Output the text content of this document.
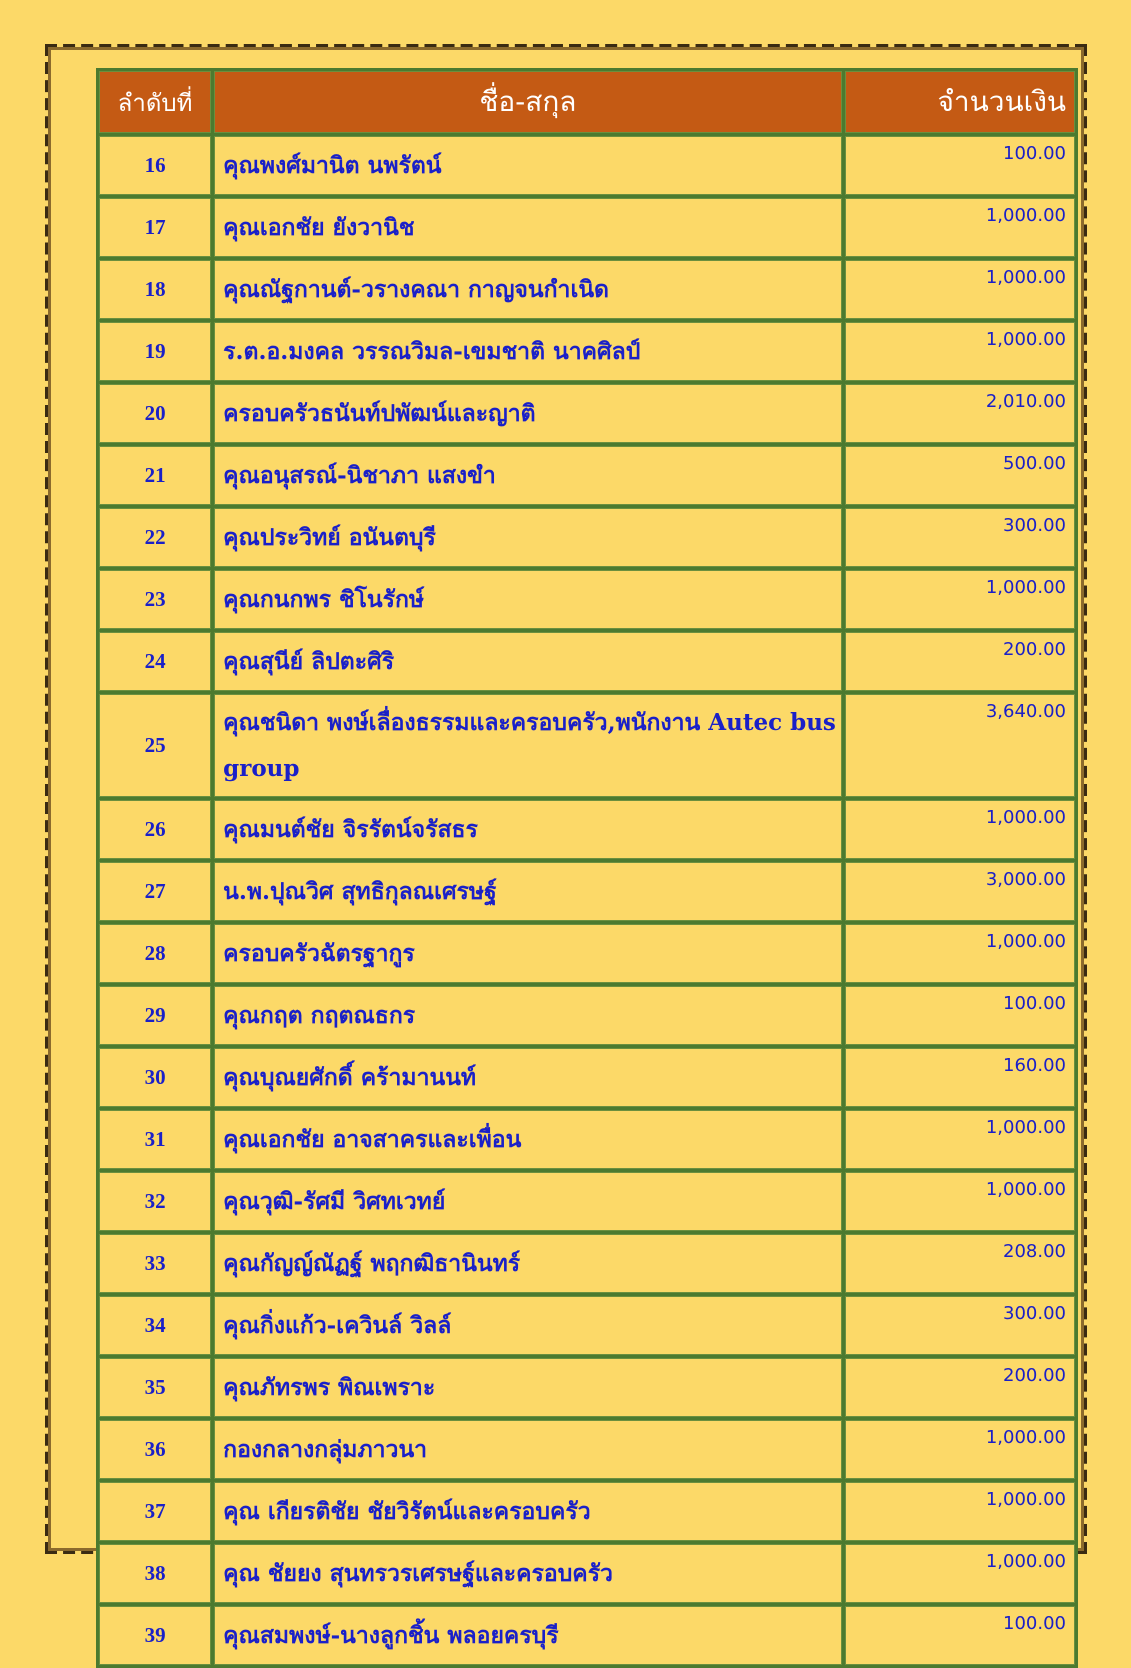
ลำดับที่	ชื่อ-สกุล	จำนวนเงิน
16	คุณพงศ์มานิต นพรัตน์	100.00
17	คุณเอกชัย ยังวานิช	1,000.00
18	คุณณัฐกานต์-วรางคณา กาญจนกำเนิด	1,000.00
19	ร.ต.อ.มงคล วรรณวิมล-เขมชาติ นาคศิลป์	1,000.00
20	ครอบครัวธนันท์ปพัฒน์และญาติ	2,010.00
21	คุณอนุสรณ์-นิชาภา แสงขำ	500.00
22	คุณประวิทย์ อนันตบุรี	300.00
23	คุณกนกพร ชิโนรักษ์	1,000.00
24	คุณสุนีย์ ลิปตะศิริ	200.00
25	คุณชนิดา พงษ์เลื่องธรรมและครอบครัว,พนักงาน Autec bus group	3,640.00
26	คุณมนต์ชัย จิรรัตน์จรัสธร	1,000.00
27	น.พ.ปุณวิศ สุทธิกุลณเศรษฐ์	3,000.00
28	ครอบครัวฉัตรฐากูร	1,000.00
29	คุณกฤต กฤตณธกร	100.00
30	คุณบุณยศักดิ์ คร้ามานนท์	160.00
31	คุณเอกชัย อาจสาครและเพื่อน	1,000.00
32	คุณวุฒิ-รัศมี วิศทเวทย์	1,000.00
33	คุณกัญญ์ณัฏฐ์ พฤกฒิธานินทร์	208.00
34	คุณกิ่งแก้ว-เควินล์ วิลล์	300.00
35	คุณภัทรพร พิณเพราะ	200.00
36	กองกลางกลุ่มภาวนา	1,000.00
37	คุณ เกียรติชัย ชัยวิรัตน์และครอบครัว	1,000.00
38	คุณ ชัยยง สุนทรวรเศรษฐ์และครอบครัว	1,000.00
39	คุณสมพงษ์-นางลูกชิ้น พลอยครบุรี	100.00
